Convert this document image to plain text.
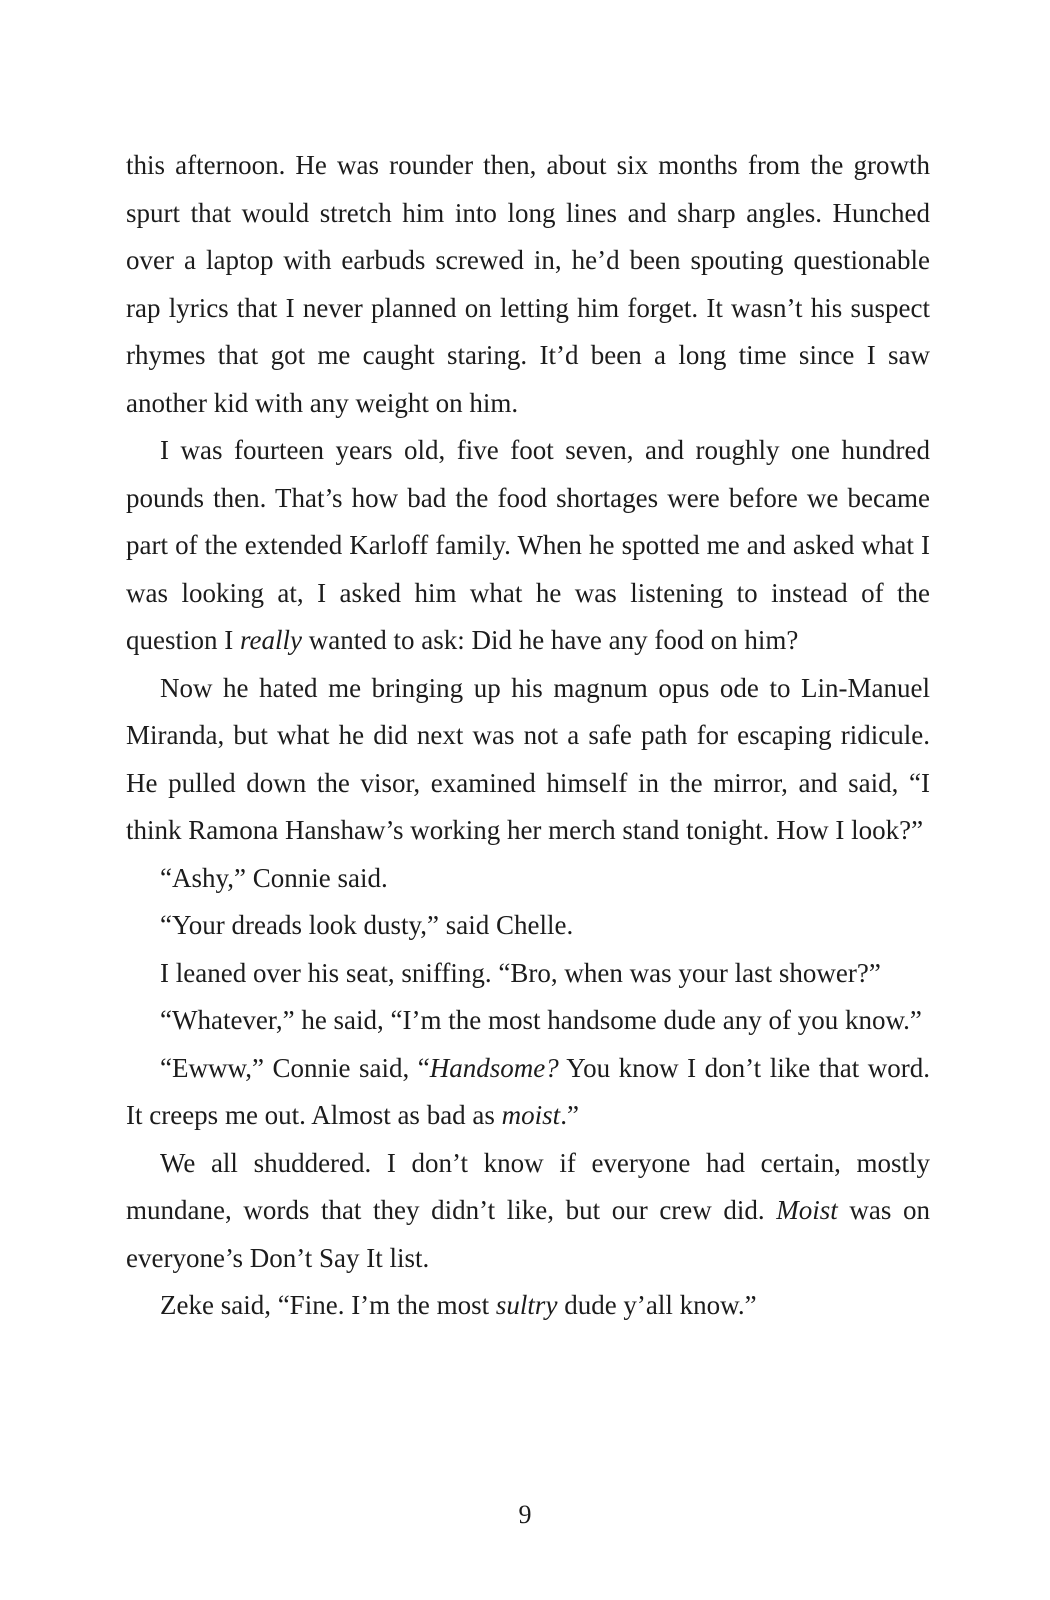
this afternoon. He was rounder then, about six months from the growth spurt that would stretch him into long lines and sharp angles. Hunched over a laptop with earbuds screwed in, he’d been spouting questionable rap lyrics that I never planned on letting him forget. It wasn’t his suspect rhymes that got me caught staring. It’d been a long time since I saw another kid with any weight on him.

I was fourteen years old, five foot seven, and roughly one hundred pounds then. That’s how bad the food shortages were before we became part of the extended Karloff family. When he spotted me and asked what I was looking at, I asked him what he was listening to instead of the question I really wanted to ask: Did he have any food on him?

Now he hated me bringing up his magnum opus ode to Lin-Manuel Miranda, but what he did next was not a safe path for escaping ridicule. He pulled down the visor, examined himself in the mirror, and said, “I think Ramona Hanshaw’s working her merch stand tonight. How I look?”

“Ashy,” Connie said.

“Your dreads look dusty,” said Chelle.

I leaned over his seat, sniffing. “Bro, when was your last shower?”

“Whatever,” he said, “I’m the most handsome dude any of you know.”

“Ewww,” Connie said, “Handsome? You know I don’t like that word. It creeps me out. Almost as bad as moist.”

We all shuddered. I don’t know if everyone had certain, mostly mundane, words that they didn’t like, but our crew did. Moist was on everyone’s Don’t Say It list.

Zeke said, “Fine. I’m the most sultry dude y’all know.”

9
